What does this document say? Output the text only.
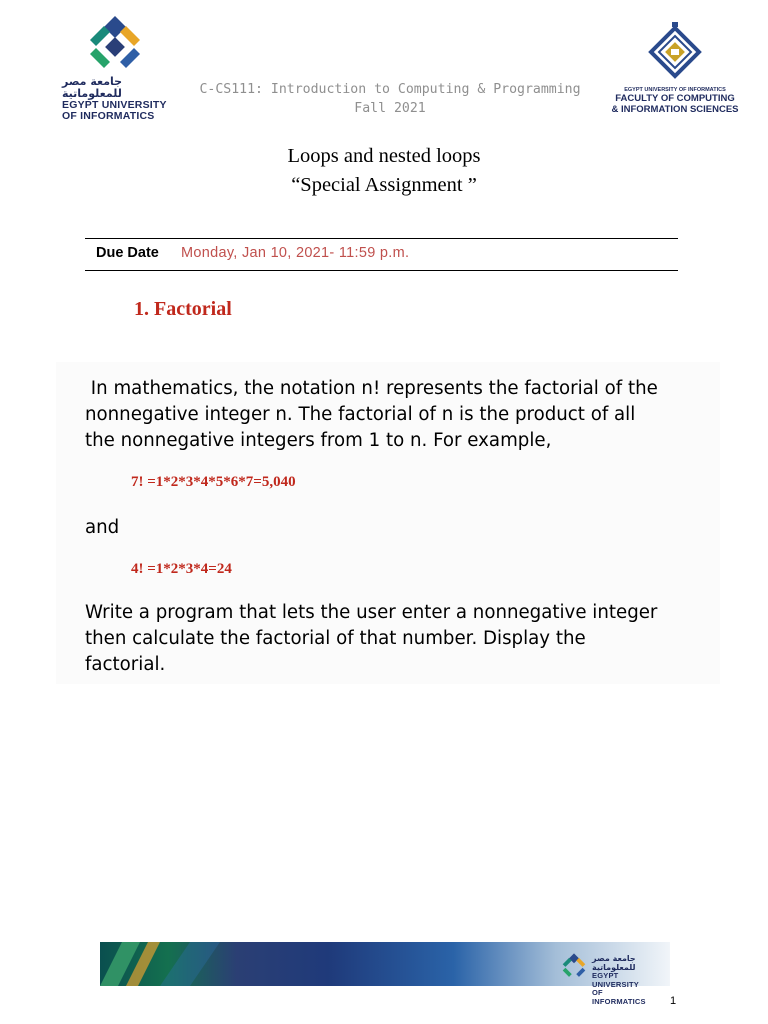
جامعة مصر للمعلوماتية
EGYPT UNIVERSITY
OF INFORMATICS
C-CS111: Introduction to Computing & Programming
Fall 2021
EGYPT UNIVERSITY OF INFORMATICS
FACULTY OF COMPUTING
& INFORMATION SCIENCES
Loops and nested loops
“Special Assignment ”
Due Date Monday, Jan 10, 2021- 11:59 p.m.
1. Factorial
In mathematics, the notation n! represents the factorial of the
nonnegative integer n. The factorial of n is the product of all
the nonnegative integers from 1 to n. For example,
7! =1*2*3*4*5*6*7=5,040
and
4! =1*2*3*4=24
Write a program that lets the user enter a nonnegative integer
then calculate the factorial of that number. Display the
factorial.
جامعة مصر للمعلوماتية
EGYPT UNIVERSITY
OF INFORMATICS	1
